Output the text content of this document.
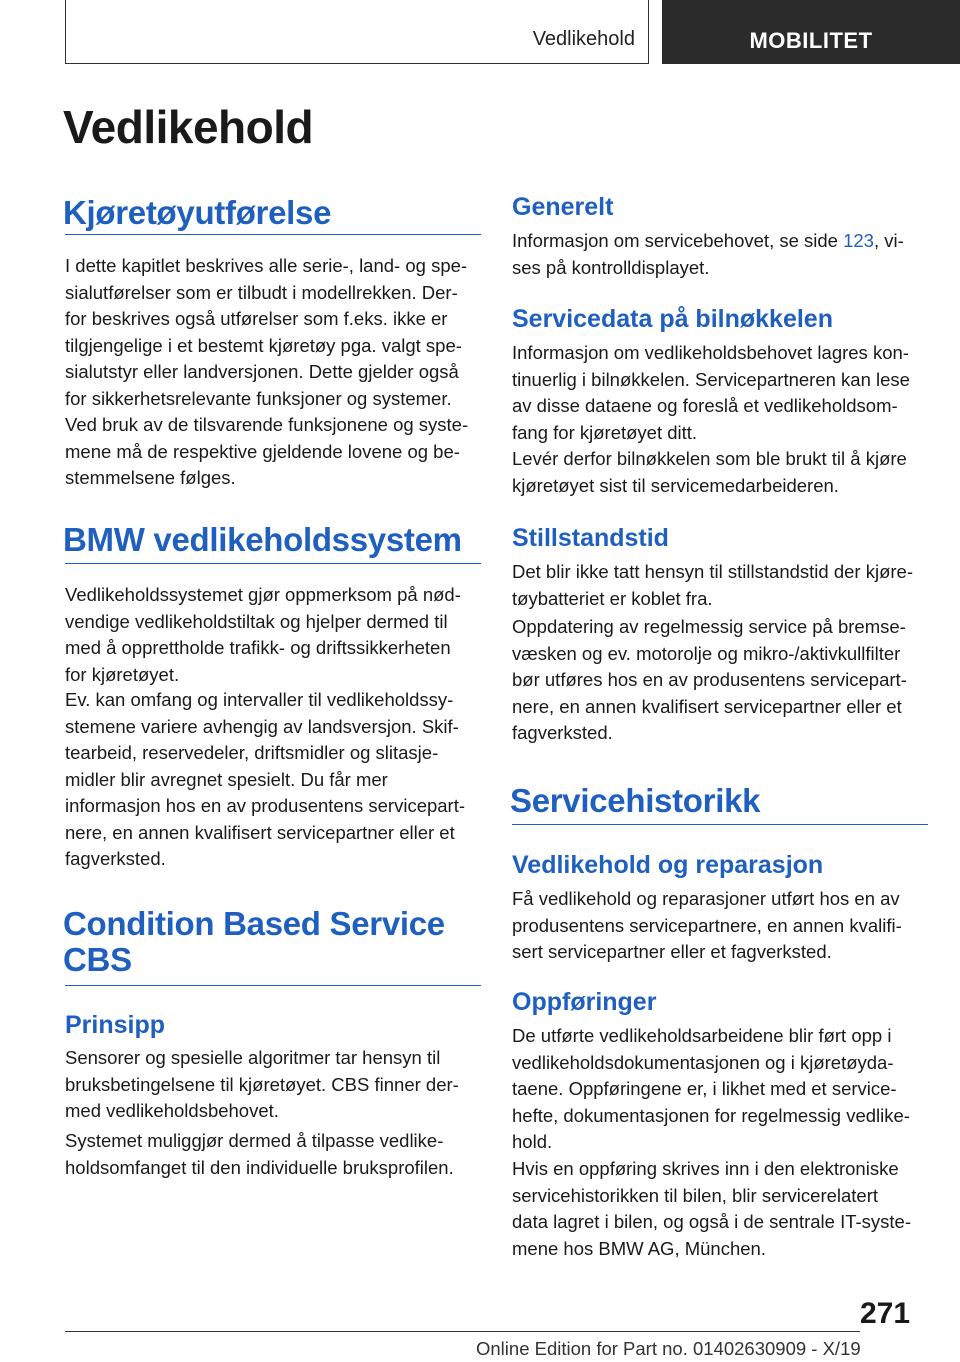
Vedlikehold	MOBILITET
Vedlikehold
Kjøretøyutførelse
I dette kapitlet beskrives alle serie-, land- og spe-
sialutførelser som er tilbudt i modellrekken. Der-
for beskrives også utførelser som f.eks. ikke er
tilgjengelige i et bestemt kjøretøy pga. valgt spe-
sialutstyr eller landversjonen. Dette gjelder også
for sikkerhetsrelevante funksjoner og systemer.
Ved bruk av de tilsvarende funksjonene og syste-
mene må de respektive gjeldende lovene og be-
stemmelsene følges.
BMW vedlikeholdssystem
Vedlikeholdssystemet gjør oppmerksom på nød-
vendige vedlikeholdstiltak og hjelper dermed til
med å opprettholde trafikk- og driftssikkerheten
for kjøretøyet.
Ev. kan omfang og intervaller til vedlikeholdssy-
stemene variere avhengig av landsversjon. Skif-
tearbeid, reservedeler, driftsmidler og slitasje-
midler blir avregnet spesielt. Du får mer
informasjon hos en av produsentens servicepart-
nere, en annen kvalifisert servicepartner eller et
fagverksted.
Condition Based Service
CBS
Prinsipp
Sensorer og spesielle algoritmer tar hensyn til
bruksbetingelsene til kjøretøyet. CBS finner der-
med vedlikeholdsbehovet.
Systemet muliggjør dermed å tilpasse vedlike-
holdsomfanget til den individuelle bruksprofilen.
Generelt
Informasjon om servicebehovet, se side 123, vi-
ses på kontrolldisplayet.
Servicedata på bilnøkkelen
Informasjon om vedlikeholdsbehovet lagres kon-
tinuerlig i bilnøkkelen. Servicepartneren kan lese
av disse dataene og foreslå et vedlikeholdsom-
fang for kjøretøyet ditt.
Levér derfor bilnøkkelen som ble brukt til å kjøre
kjøretøyet sist til servicemedarbeideren.
Stillstandstid
Det blir ikke tatt hensyn til stillstandstid der kjøre-
tøybatteriet er koblet fra.
Oppdatering av regelmessig service på bremse-
væsken og ev. motorolje og mikro-/aktivkullfilter
bør utføres hos en av produsentens servicepart-
nere, en annen kvalifisert servicepartner eller et
fagverksted.
Servicehistorikk
Vedlikehold og reparasjon
Få vedlikehold og reparasjoner utført hos en av
produsentens servicepartnere, en annen kvalifi-
sert servicepartner eller et fagverksted.
Oppføringer
De utførte vedlikeholdsarbeidene blir ført opp i
vedlikeholdsdokumentasjonen og i kjøretøyda-
taene. Oppføringene er, i likhet med et service-
hefte, dokumentasjonen for regelmessig vedlike-
hold.
Hvis en oppføring skrives inn i den elektroniske
servicehistorikken til bilen, blir servicerelatert
data lagret i bilen, og også i de sentrale IT-syste-
mene hos BMW AG, München.
271
Online Edition for Part no. 01402630909 - X/19
